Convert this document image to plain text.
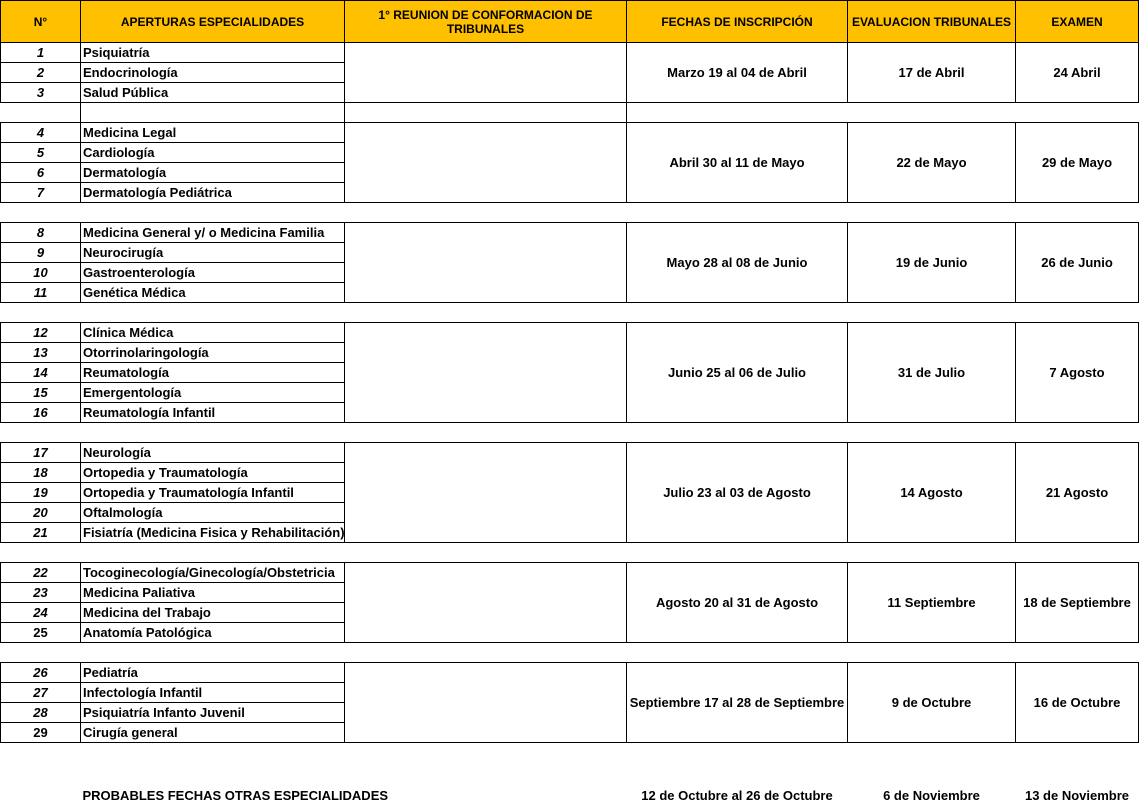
N°	APERTURAS ESPECIALIDADES	1° REUNION DE CONFORMACION DE TRIBUNALES	FECHAS DE INSCRIPCIÓN	EVALUACION TRIBUNALES	EXAMEN
1	Psiquiatría		Marzo 19 al 04 de Abril	17 de Abril	24 Abril
2	Endocrinología				
3	Salud Pública				

4	Medicina Legal		Abril 30 al 11 de Mayo	22 de Mayo	29 de Mayo
5	Cardiología				
6	Dermatología				
7	Dermatología Pediátrica				

8	Medicina General y/ o Medicina Familia		Mayo 28 al 08 de Junio	19 de Junio	26 de Junio
9	Neurocirugía				
10	Gastroenterología				
11	Genética Médica				

12	Clínica Médica		Junio 25 al 06 de Julio	31 de Julio	7 Agosto
13	Otorrinolaringología				
14	Reumatología				
15	Emergentología				
16	Reumatología Infantil				

17	Neurología		Julio 23 al 03 de Agosto	14 Agosto	21 Agosto
18	Ortopedia y Traumatología				
19	Ortopedia y Traumatología Infantil				
20	Oftalmología				
21	Fisiatría (Medicina Fisica y Rehabilitación)				

22	Tocoginecología/Ginecología/Obstetricia		Agosto 20 al 31 de Agosto	11 Septiembre	18 de Septiembre
23	Medicina Paliativa				
24	Medicina del Trabajo				
25	Anatomía Patológica				

26	Pediatría		Septiembre 17 al 28 de Septiembre	9 de Octubre	16 de Octubre
27	Infectología Infantil				
28	Psiquiatría Infanto Juvenil				
29	Cirugía general				
	PROBABLES FECHAS OTRAS ESPECIALIDADES		12 de Octubre al 26 de Octubre	6 de Noviembre	13 de Noviembre
